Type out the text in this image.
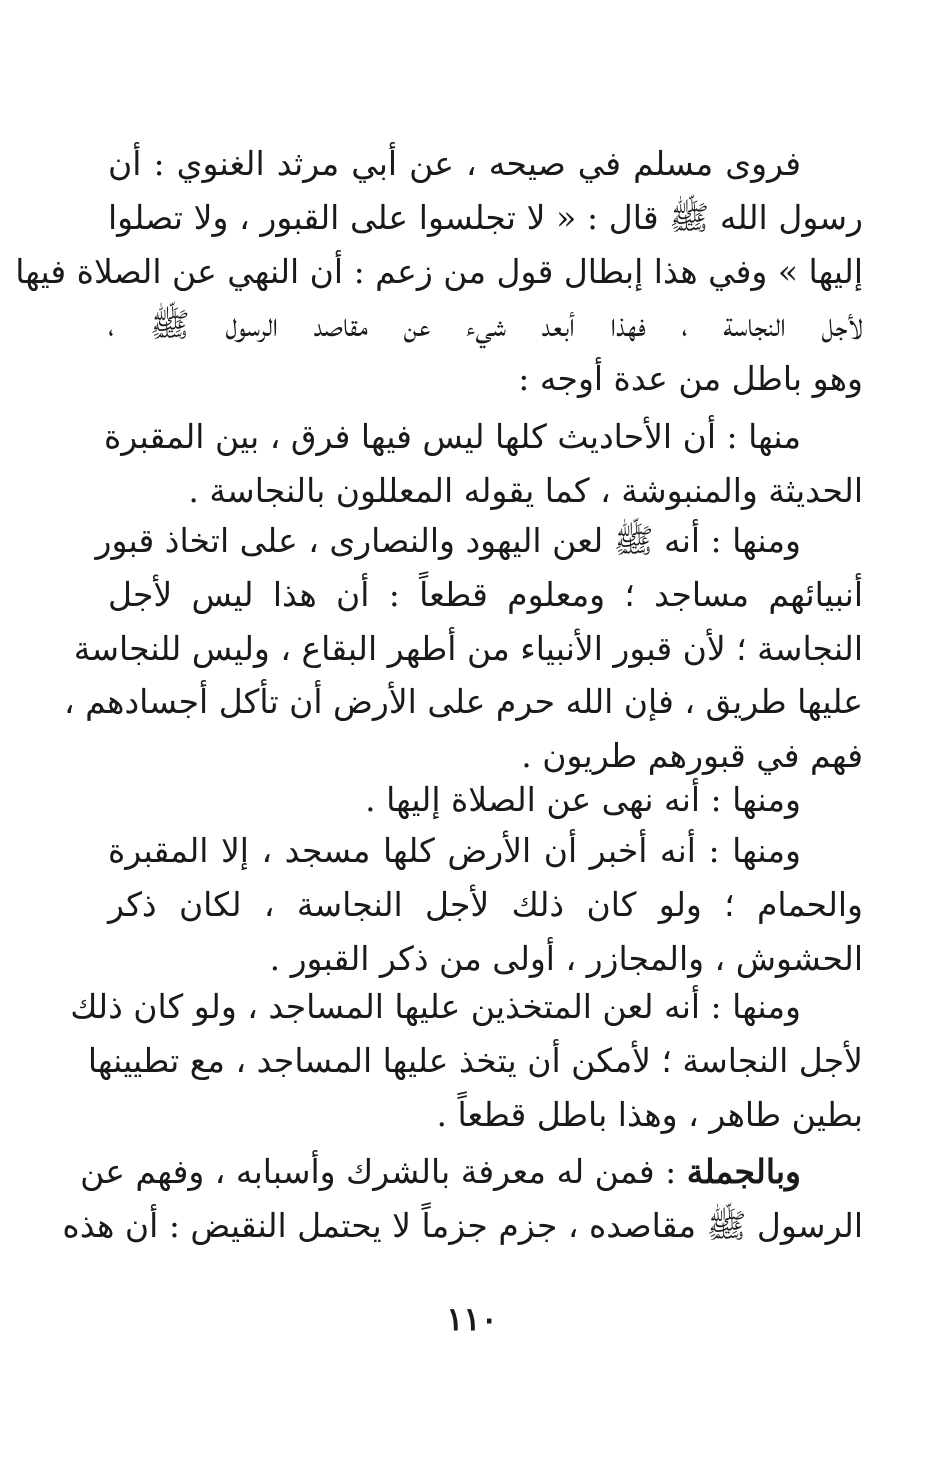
فروى مسلم في صيحه ، عن أبي مرثد الغنوي : أن
رسول الله ﷺ قال : « لا تجلسوا على القبور ، ولا تصلوا
إليها » وفي هذا إبطال قول من زعم : أن النهي عن الصلاة فيها
لأجل النجاسة ، فهذا أبعد شيء عن مقاصد الرسول ﷺ ،
وهو باطل من عدة أوجه :
منها : أن الأحاديث كلها ليس فيها فرق ، بين المقبرة
الحديثة والمنبوشة ، كما يقوله المعللون بالنجاسة .
ومنها : أنه ﷺ لعن اليهود والنصارى ، على اتخاذ قبور
أنبيائهم مساجد ؛ ومعلوم قطعاً : أن هذا ليس لأجل
النجاسة ؛ لأن قبور الأنبياء من أطهر البقاع ، وليس للنجاسة
عليها طريق ، فإن الله حرم على الأرض أن تأكل أجسادهم ،
فهم في قبورهم طريون .
ومنها : أنه نهى عن الصلاة إليها .
ومنها : أنه أخبر أن الأرض كلها مسجد ، إلا المقبرة
والحمام ؛ ولو كان ذلك لأجل النجاسة ، لكان ذكر
الحشوش ، والمجازر ، أولى من ذكر القبور .
ومنها : أنه لعن المتخذين عليها المساجد ، ولو كان ذلك
لأجل النجاسة ؛ لأمكن أن يتخذ عليها المساجد ، مع تطيينها
بطين طاهر ، وهذا باطل قطعاً .
وبالجملة : فمن له معرفة بالشرك وأسبابه ، وفهم عن
الرسول ﷺ مقاصده ، جزم جزماً لا يحتمل النقيض : أن هذه
١١٠
